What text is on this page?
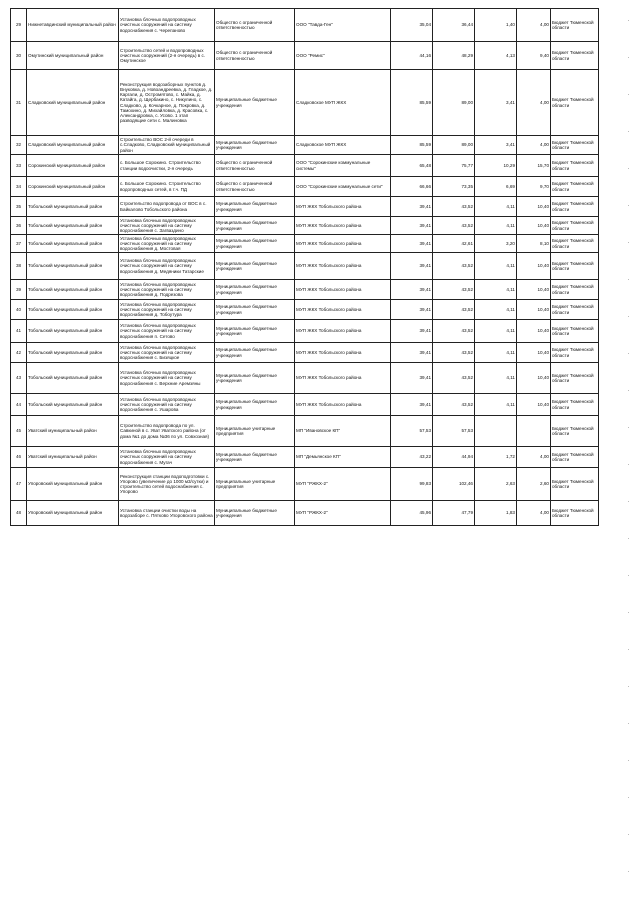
29	Нижнетавдинский муниципальный район	Установка блочных водопроводных очистных сооружений на систему водоснабжения с. Черепаново	Общество с ограниченной ответственностью	ООО "Тавда-Ген"	35,04	36,44	1,40	4,00	Бюджет Тюменской области
30	Омутинский муниципальный район	Строительство сетей и водопроводных очистных сооружений (2-я очередь) в с. Омутинское	Общество с ограниченной ответственностью	ООО "Ремис"	44,16	48,29	4,13	9,40	Бюджет Тюменской области
31	Сладковский муниципальный район	Реконструкция водозаборных пунктов д. Внуковка, д. Новоандреевка, д. Гладкое, д. Каргали, д. Остромятово, с. Майка, д. Катайга, д. Щербакино, с. Никулино, с. Сладково, д. Кочкарное, д. Покровка, д. Тамохино, д. Михайловка, д. Красовка, с. Александровка, с. Усово. 1 этап разводящие сети с. Малиновка	Муниципальные бюджетные учреждения	Сладковское МУП ЖКХ	85,59	89,00	3,41	4,00	Бюджет Тюменской области
32	Сладковский муниципальный район	Строительство ВОС 2-й очереди в с.Сладково, Сладковский муниципальный район	Муниципальные бюджетные учреждения	Сладковское МУП ЖКХ	85,59	89,00	3,41	4,00	Бюджет Тюменской области
33	Сорокинский муниципальный район	с. Большое Сорокино. Строительство станции водоочистки, 2-я очередь	Общество с ограниченной ответственностью	ООО "Сорокинские коммунальные системы"	65,48	75,77	10,29	15,70	Бюджет Тюменской области
34	Сорокинский муниципальный район	с. Большое Сорокино. Строительство водопроводных сетей, в т.ч. ПД	Общество с ограниченной ответственностью	ООО "Сорокинские коммунальные сети"	66,66	73,35	6,69	9,70	Бюджет Тюменской области
35	Тобольский муниципальный район	Строительство водопровода от ВОС в с. Байкалово Тобольского района	Муниципальные бюджетные учреждения	МУП ЖКХ Тобольского района	39,41	43,52	4,11	10,40	Бюджет Тюменской области
36	Тобольский муниципальный район	Установка блочных водопроводных очистных сооружений на систему водоснабжения с. Загваздино	Муниципальные бюджетные учреждения	МУП ЖКХ Тобольского района	39,41	43,52	4,11	10,40	Бюджет Тюменской области
37	Тобольский муниципальный район	Установка блочных водопроводных очистных сооружений на систему водоснабжения д. Мостовая	Муниципальные бюджетные учреждения	МУП ЖКХ Тобольского района	39,41	42,61	3,20	8,10	Бюджет Тюменской области
38	Тобольский муниципальный район	Установка блочных водопроводных очистных сооружений на систему водоснабжения д. Медяники Татарские	Муниципальные бюджетные учреждения	МУП ЖКХ Тобольского района	39,41	43,52	4,11	10,40	Бюджет Тюменской области
39	Тобольский муниципальный район	Установка блочных водопроводных очистных сооружений на систему водоснабжения д. Подрезова	Муниципальные бюджетные учреждения	МУП ЖКХ Тобольского района	39,41	43,52	4,11	10,40	Бюджет Тюменской области
40	Тобольский муниципальный район	Установка блочных водопроводных очистных сооружений на систему водоснабжения д. Тобоутура	Муниципальные бюджетные учреждения	МУП ЖКХ Тобольского района	39,41	43,52	4,11	10,40	Бюджет Тюменской области
41	Тобольский муниципальный район	Установка блочных водопроводных очистных сооружений на систему водоснабжения п. Сетово	Муниципальные бюджетные учреждения	МУП ЖКХ Тобольского района	39,41	43,52	4,11	10,40	Бюджет Тюменской области
42	Тобольский муниципальный район	Установка блочных водопроводных очистных сооружений на систему водоснабжения с. Бизяцкое	Муниципальные бюджетные учреждения	МУП ЖКХ Тобольского района	39,41	43,52	4,11	10,40	Бюджет Тюменской области
43	Тобольский муниципальный район	Установка блочных водопроводных очистных сооружений на систему водоснабжения с. Верхние Аремзяны	Муниципальные бюджетные учреждения	МУП ЖКХ Тобольского района	39,41	43,52	4,11	10,40	Бюджет Тюменской области
44	Тобольский муниципальный район	Установка блочных водопроводных очистных сооружений на систему водоснабжения с. Ушарова	Муниципальные бюджетные учреждения	МУП ЖКХ Тобольского района	39,41	43,52	4,11	10,40	Бюджет Тюменской области
45	Уватский муниципальный район	Строительство водопровода по ул. Савкиной в с. Уват Уватского района (от дома №1 до дома №36 по ул. Совхозная)	Муниципальные унитарные предприятия	МП "Ивановское КП"	57,53	57,53			Бюджет Тюменской области
46	Уватский муниципальный район	Установка блочных водопроводных очистных сооружений на систему водоснабжения с. Мугач	Муниципальные бюджетные учреждения	МП "Демьянское КП"	43,22	44,94	1,72	4,00	Бюджет Тюменской области
47	Упоровский муниципальный район	Реконструкция станции водоподготовки с. Упорово (увеличение до 1000 м3/сутки) и строительство сетей водоснабжения с. Упорово	Муниципальные унитарные предприятия	МУП "РЖКХ-2"	99,83	102,46	2,63	2,60	Бюджет Тюменской области
48	Упоровский муниципальный район	Установка станции очистки воды на водозаборе с. Пятково Упоровского района	Муниципальные бюджетные учреждения	МУП "РЖКХ-2"	45,96	47,79	1,83	4,00	Бюджет Тюменской области
